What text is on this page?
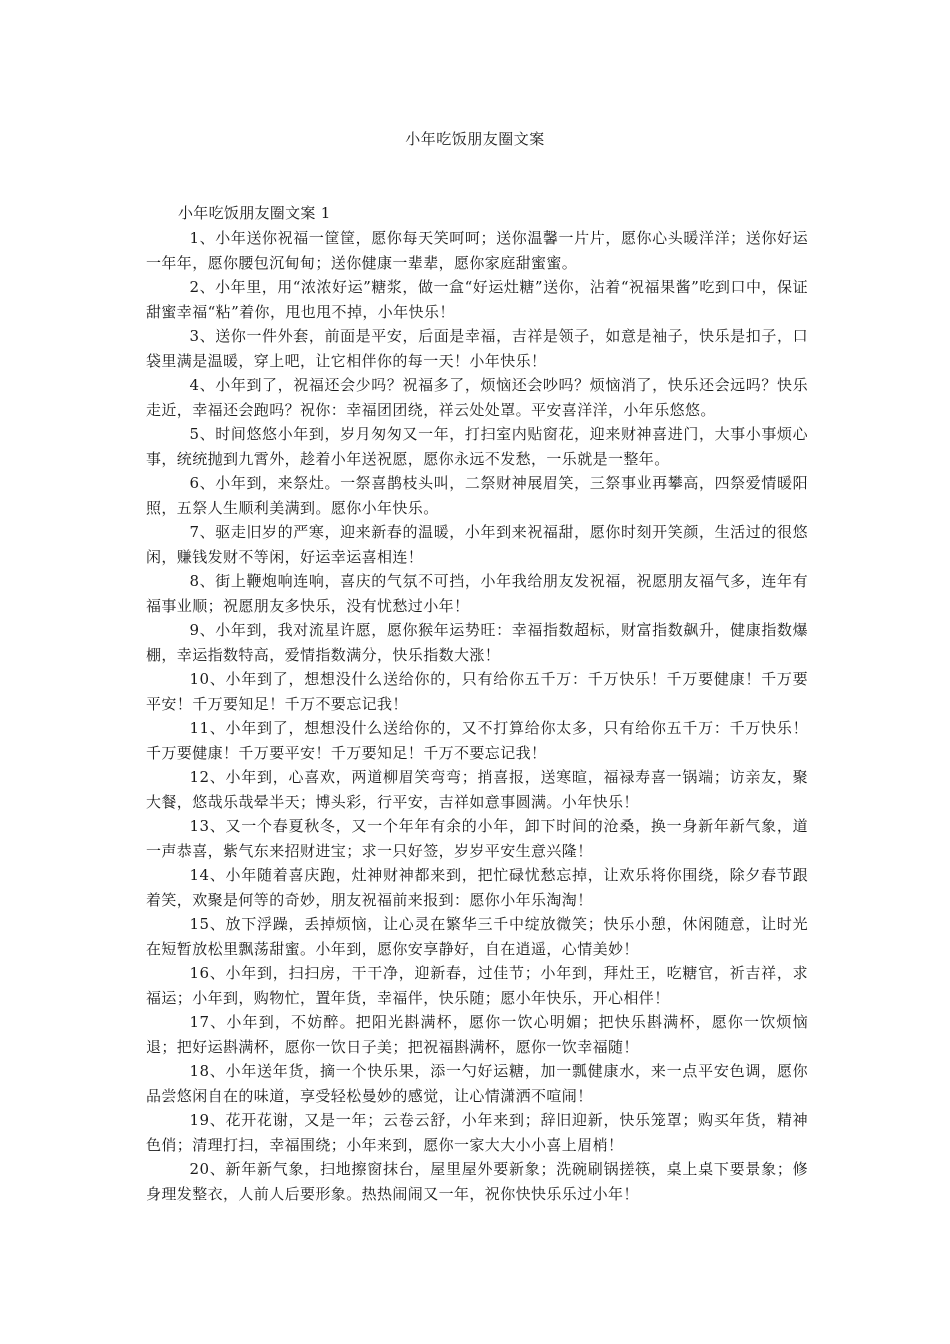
小年吃饭朋友圈文案
小年吃饭朋友圈文案 1

1、小年送你祝福一筐筐，愿你每天笑呵呵；送你温馨一片片，愿你心头暖洋洋；送你好运一年年，愿你腰包沉甸甸；送你健康一辈辈，愿你家庭甜蜜蜜。

2、小年里，用“浓浓好运”糖浆，做一盒“好运灶糖”送你，沾着“祝福果酱”吃到口中，保证甜蜜幸福“粘”着你，甩也甩不掉，小年快乐！

3、送你一件外套，前面是平安，后面是幸福，吉祥是领子，如意是袖子，快乐是扣子，口袋里满是温暖，穿上吧，让它相伴你的每一天！小年快乐！

4、小年到了，祝福还会少吗？祝福多了，烦恼还会吵吗？烦恼消了，快乐还会远吗？快乐走近，幸福还会跑吗？祝你：幸福团团绕，祥云处处罩。平安喜洋洋，小年乐悠悠。

5、时间悠悠小年到，岁月匆匆又一年，打扫室内贴窗花，迎来财神喜进门，大事小事烦心事，统统抛到九霄外，趁着小年送祝愿，愿你永远不发愁，一乐就是一整年。

6、小年到，来祭灶。一祭喜鹊枝头叫，二祭财神展眉笑，三祭事业再攀高，四祭爱情暖阳照，五祭人生顺利美满到。愿你小年快乐。

7、驱走旧岁的严寒，迎来新春的温暖，小年到来祝福甜，愿你时刻开笑颜，生活过的很悠闲，赚钱发财不等闲，好运幸运喜相连！

8、街上鞭炮响连响，喜庆的气氛不可挡，小年我给朋友发祝福，祝愿朋友福气多，连年有福事业顺；祝愿朋友多快乐，没有忧愁过小年！

9、小年到，我对流星许愿，愿你猴年运势旺：幸福指数超标，财富指数飙升，健康指数爆棚，幸运指数特高，爱情指数满分，快乐指数大涨！

10、小年到了，想想没什么送给你的，只有给你五千万：千万快乐！千万要健康！千万要平安！千万要知足！千万不要忘记我！

11、小年到了，想想没什么送给你的，又不打算给你太多，只有给你五千万：千万快乐！千万要健康！千万要平安！千万要知足！千万不要忘记我！

12、小年到，心喜欢，两道柳眉笑弯弯；捎喜报，送寒暄，福禄寿喜一锅端；访亲友，聚大餐，悠哉乐哉晕半天；博头彩，行平安，吉祥如意事圆满。小年快乐！

13、又一个春夏秋冬，又一个年年有余的小年，卸下时间的沧桑，换一身新年新气象，道一声恭喜，紫气东来招财进宝；求一只好签，岁岁平安生意兴隆！

14、小年随着喜庆跑，灶神财神都来到，把忙碌忧愁忘掉，让欢乐将你围绕，除夕春节跟着笑，欢聚是何等的奇妙，朋友祝福前来报到：愿你小年乐淘淘！

15、放下浮躁，丢掉烦恼，让心灵在繁华三千中绽放微笑；快乐小憩，休闲随意，让时光在短暂放松里飘荡甜蜜。小年到，愿你安享静好，自在逍遥，心情美妙！

16、小年到，扫扫房，干干净，迎新春，过佳节；小年到，拜灶王，吃糖官，祈吉祥，求福运；小年到，购物忙，置年货，幸福伴，快乐随；愿小年快乐，开心相伴！

17、小年到，不妨醉。把阳光斟满杯，愿你一饮心明媚；把快乐斟满杯，愿你一饮烦恼退；把好运斟满杯，愿你一饮日子美；把祝福斟满杯，愿你一饮幸福随！

18、小年送年货，摘一个快乐果，添一勺好运糖，加一瓢健康水，来一点平安色调，愿你品尝悠闲自在的味道，享受轻松曼妙的感觉，让心情潇洒不喧闹！

19、花开花谢，又是一年；云卷云舒，小年来到；辞旧迎新，快乐笼罩；购买年货，精神色俏；清理打扫，幸福围绕；小年来到，愿你一家大大小小喜上眉梢！

20、新年新气象，扫地擦窗抹台，屋里屋外要新象；洗碗刷锅搓筷，桌上桌下要景象；修身理发整衣，人前人后要形象。热热闹闹又一年，祝你快快乐乐过小年！
